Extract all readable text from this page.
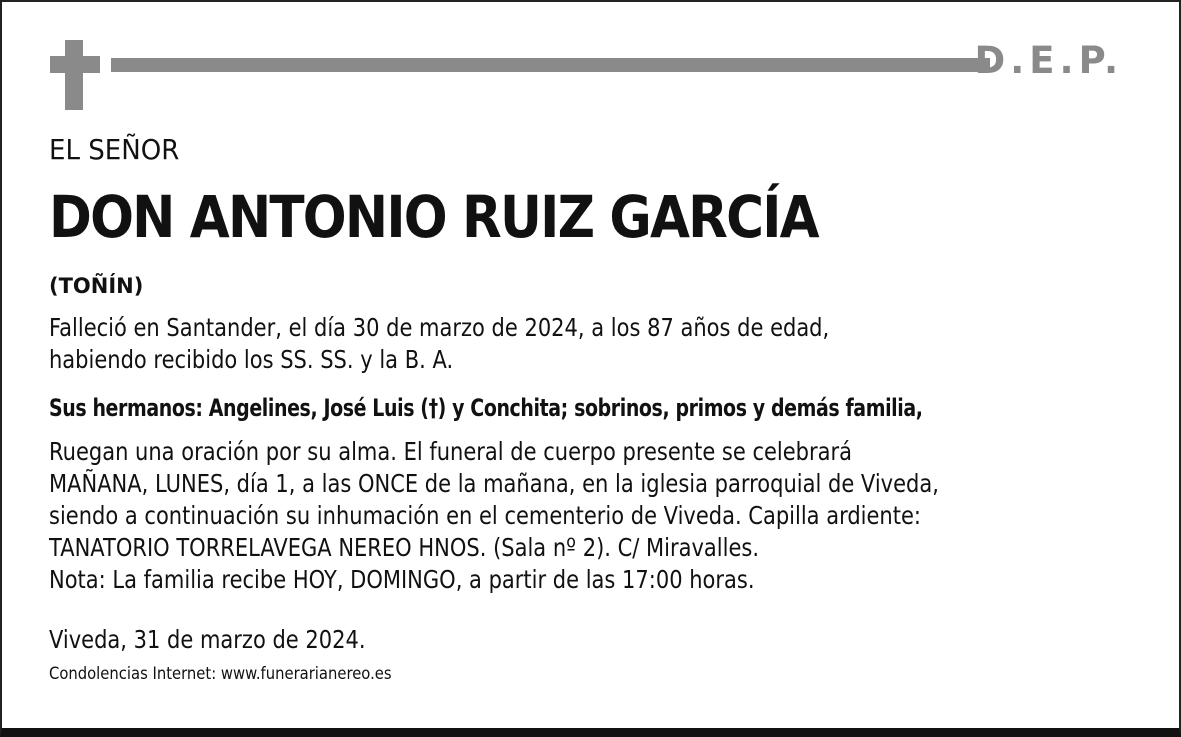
D.E.P.
EL SEÑOR
DON ANTONIO RUIZ GARCÍA
(TOÑÍN)
Falleció en Santander, el día 30 de marzo de 2024, a los 87 años de edad,
habiendo recibido los SS. SS. y la B. A.
Sus hermanos: Angelines, José Luis (†) y Conchita; sobrinos, primos y demás familia,
Ruegan una oración por su alma. El funeral de cuerpo presente se celebrará
MAÑANA, LUNES, día 1, a las ONCE de la mañana, en la iglesia parroquial de Viveda,
siendo a continuación su inhumación en el cementerio de Viveda. Capilla ardiente:
TANATORIO TORRELAVEGA NEREO HNOS. (Sala nº 2). C/ Miravalles.
Nota: La familia recibe HOY, DOMINGO, a partir de las 17:00 horas.
Viveda, 31 de marzo de 2024.
Condolencias Internet: www.funerarianereo.es
